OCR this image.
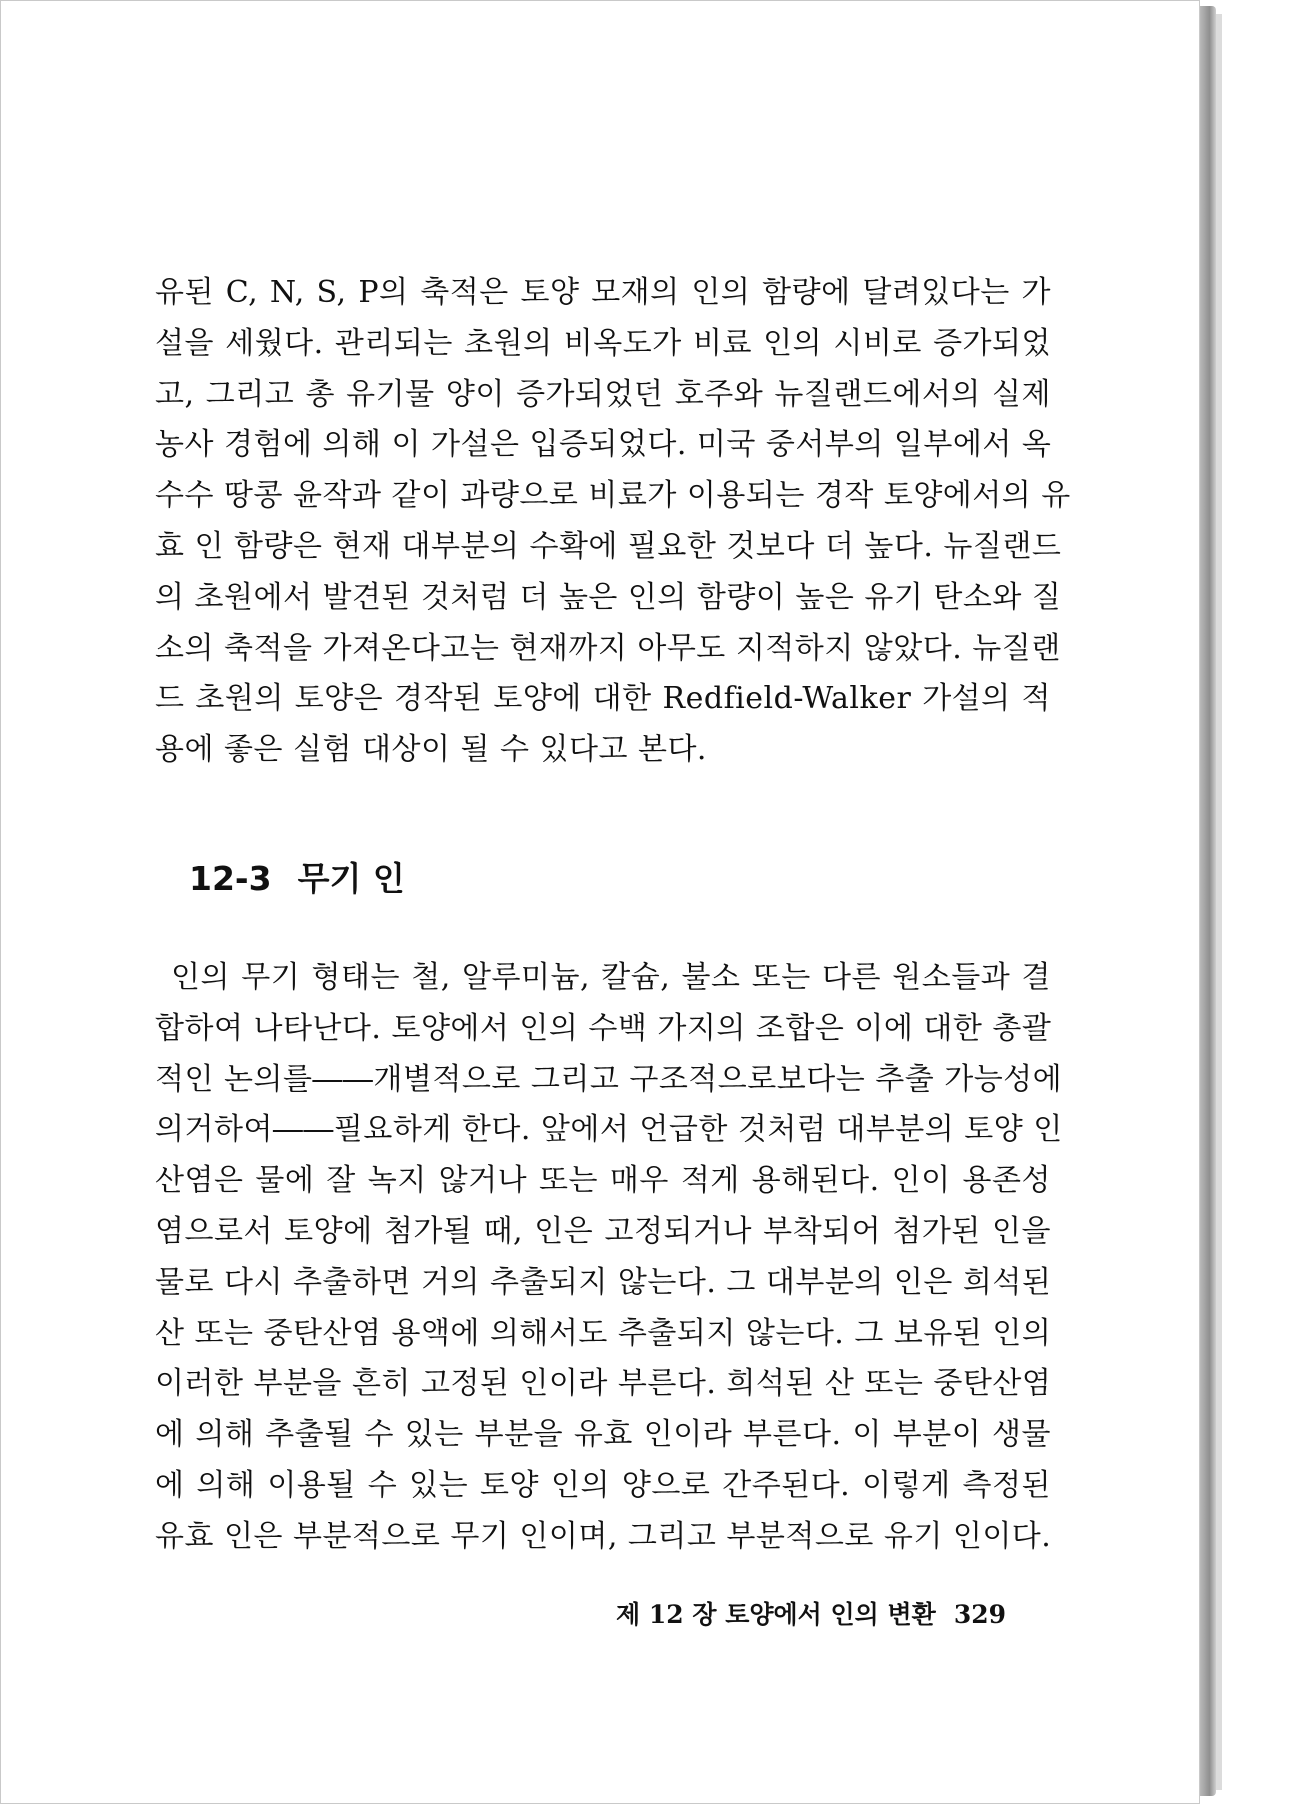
유된 C, N, S, P의 축적은 토양 모재의 인의 함량에 달려있다는 가
설을 세웠다. 관리되는 초원의 비옥도가 비료 인의 시비로 증가되었
고, 그리고 총 유기물 양이 증가되었던 호주와 뉴질랜드에서의 실제
농사 경험에 의해 이 가설은 입증되었다. 미국 중서부의 일부에서 옥
수수 땅콩 윤작과 같이 과량으로 비료가 이용되는 경작 토양에서의 유
효 인 함량은 현재 대부분의 수확에 필요한 것보다 더 높다. 뉴질랜드
의 초원에서 발견된 것처럼 더 높은 인의 함량이 높은 유기 탄소와 질
소의 축적을 가져온다고는 현재까지 아무도 지적하지 않았다. 뉴질랜
드 초원의 토양은 경작된 토양에 대한 Redfield-Walker 가설의 적
용에 좋은 실험 대상이 될 수 있다고 본다.
12-3 무기 인
인의 무기 형태는 철, 알루미늄, 칼슘, 불소 또는 다른 원소들과 결
합하여 나타난다. 토양에서 인의 수백 가지의 조합은 이에 대한 총괄
적인 논의를――개별적으로 그리고 구조적으로보다는 추출 가능성에
의거하여――필요하게 한다. 앞에서 언급한 것처럼 대부분의 토양 인
산염은 물에 잘 녹지 않거나 또는 매우 적게 용해된다. 인이 용존성
염으로서 토양에 첨가될 때, 인은 고정되거나 부착되어 첨가된 인을
물로 다시 추출하면 거의 추출되지 않는다. 그 대부분의 인은 희석된
산 또는 중탄산염 용액에 의해서도 추출되지 않는다. 그 보유된 인의
이러한 부분을 흔히 고정된 인이라 부른다. 희석된 산 또는 중탄산염
에 의해 추출될 수 있는 부분을 유효 인이라 부른다. 이 부분이 생물
에 의해 이용될 수 있는 토양 인의 양으로 간주된다. 이렇게 측정된
유효 인은 부분적으로 무기 인이며, 그리고 부분적으로 유기 인이다.
제 12 장 토양에서 인의 변환 329
